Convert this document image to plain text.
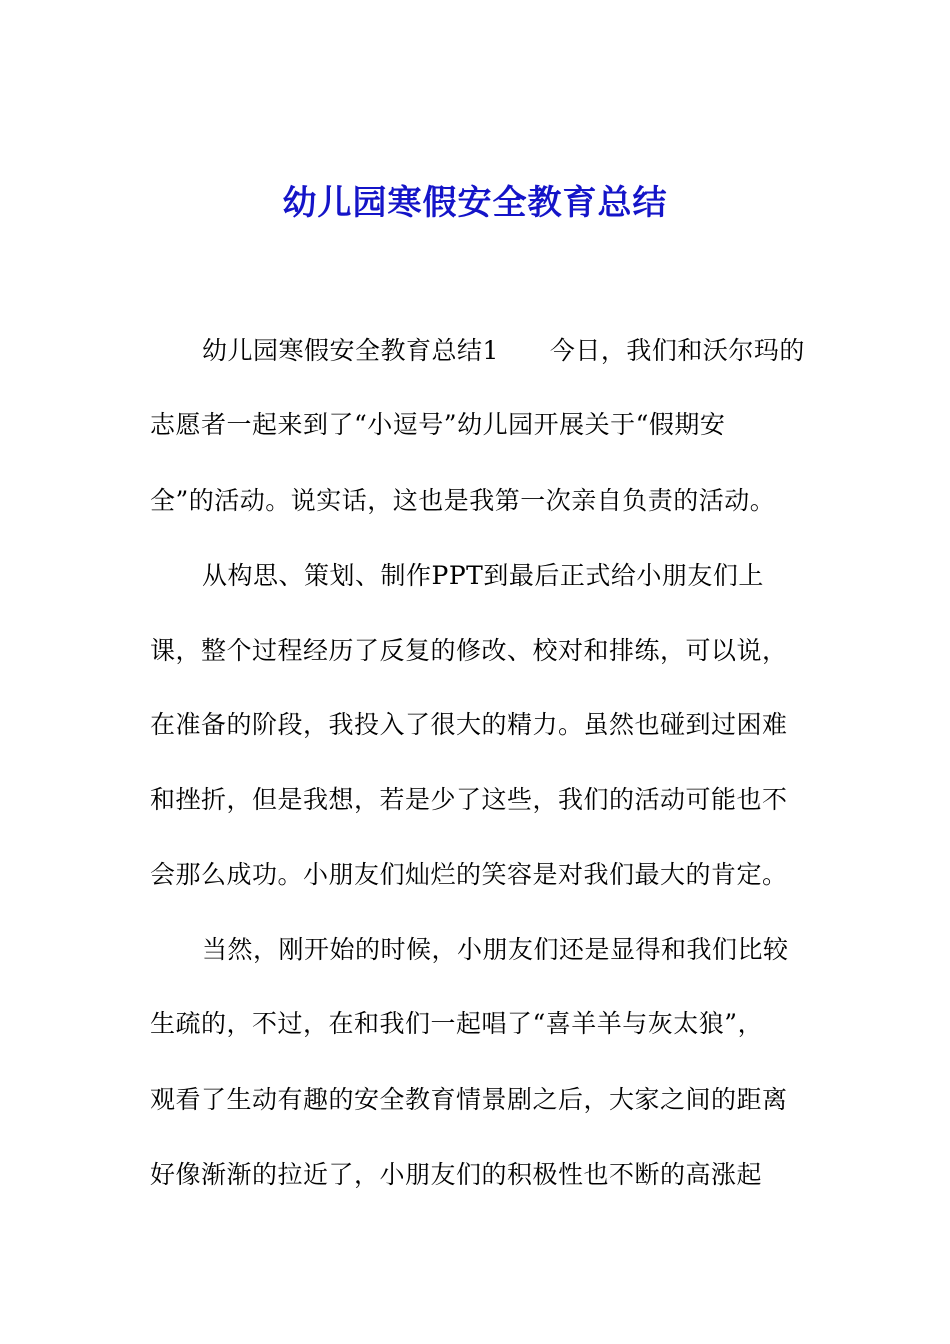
幼儿园寒假安全教育总结
幼儿园寒假安全教育总结1　　今日，我们和沃尔玛的
志愿者一起来到了“小逗号”幼儿园开展关于“假期安
全”的活动。说实话，这也是我第一次亲自负责的活动。
从构思、策划、制作PPT到最后正式给小朋友们上
课，整个过程经历了反复的修改、校对和排练，可以说，
在准备的阶段，我投入了很大的精力。虽然也碰到过困难
和挫折，但是我想，若是少了这些，我们的活动可能也不
会那么成功。小朋友们灿烂的笑容是对我们最大的肯定。
当然，刚开始的时候，小朋友们还是显得和我们比较
生疏的，不过，在和我们一起唱了“喜羊羊与灰太狼”，
观看了生动有趣的安全教育情景剧之后，大家之间的距离
好像渐渐的拉近了，小朋友们的积极性也不断的高涨起
